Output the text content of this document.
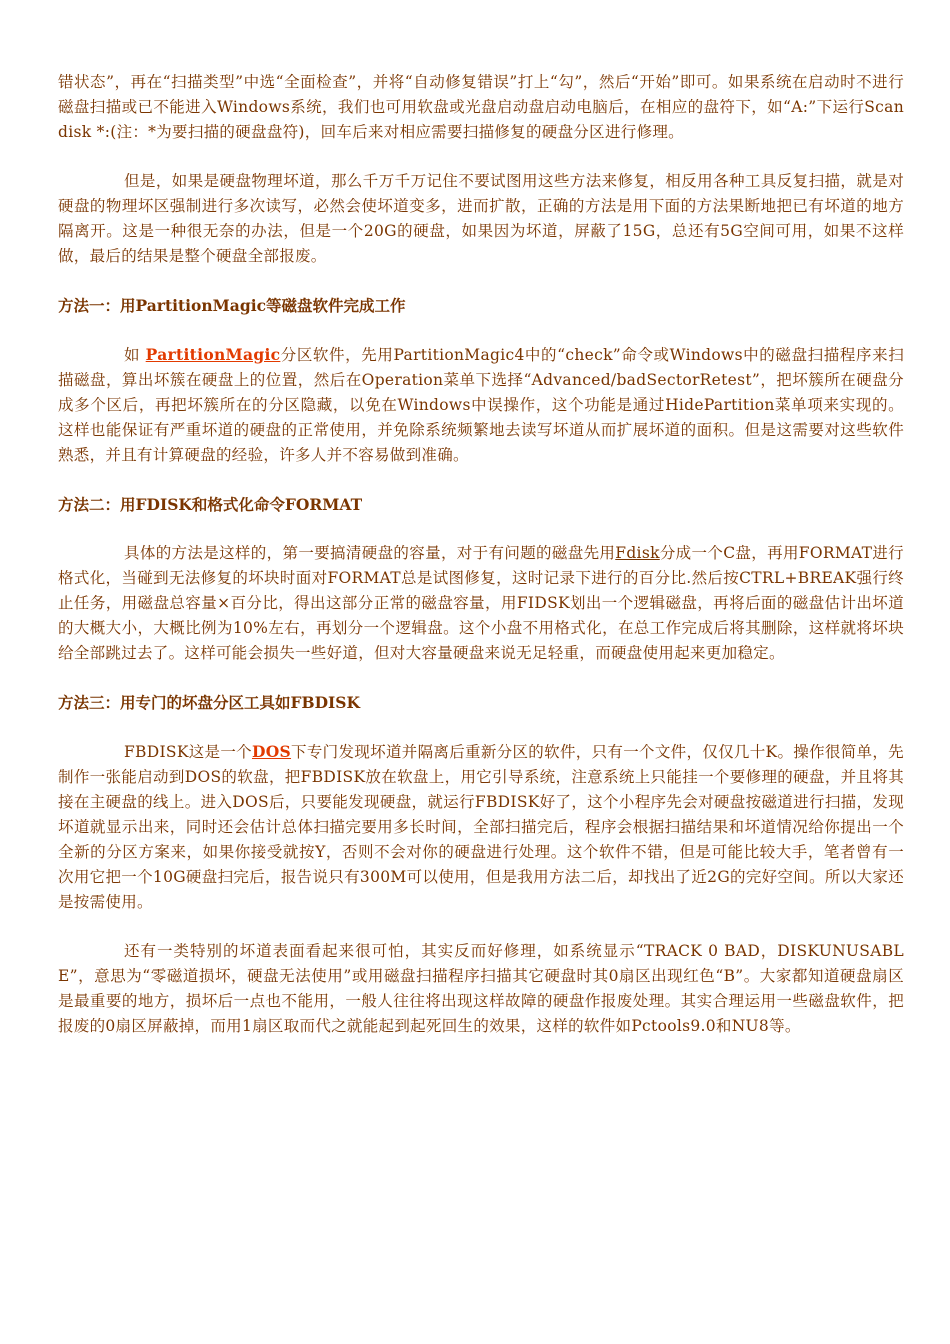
错状态”，再在“扫描类型”中选“全面检查”，并将“自动修复错误”打上“勾”，然后“开始”即可。如果系统在启动时不进行磁盘扫描或已不能进入Windows系统，我们也可用软盘或光盘启动盘启动电脑后，在相应的盘符下，如“A:”下运行Scandisk *:(注：*为要扫描的硬盘盘符)，回车后来对相应需要扫描修复的硬盘分区进行修理。

但是，如果是硬盘物理坏道，那么千万千万记住不要试图用这些方法来修复，相反用各种工具反复扫描，就是对硬盘的物理坏区强制进行多次读写，必然会使坏道变多，进而扩散，正确的方法是用下面的方法果断地把已有坏道的地方隔离开。这是一种很无奈的办法，但是一个20G的硬盘，如果因为坏道，屏蔽了15G，总还有5G空间可用，如果不这样做，最后的结果是整个硬盘全部报废。

方法一：用PartitionMagic等磁盘软件完成工作

如 PartitionMagic分区软件，先用PartitionMagic4中的“check”命令或Windows中的磁盘扫描程序来扫描磁盘，算出坏簇在硬盘上的位置，然后在Operation菜单下选择“Advanced/badSectorRetest”，把坏簇所在硬盘分成多个区后，再把坏簇所在的分区隐藏，以免在Windows中误操作，这个功能是通过HidePartition菜单项来实现的。这样也能保证有严重坏道的硬盘的正常使用，并免除系统频繁地去读写坏道从而扩展坏道的面积。但是这需要对这些软件熟悉，并且有计算硬盘的经验，许多人并不容易做到准确。

方法二：用FDISK和格式化命令FORMAT

具体的方法是这样的，第一要搞清硬盘的容量，对于有问题的磁盘先用Fdisk分成一个C盘，再用FORMAT进行格式化，当碰到无法修复的坏块时面对FORMAT总是试图修复，这时记录下进行的百分比.然后按CTRL+BREAK强行终止任务，用磁盘总容量×百分比，得出这部分正常的磁盘容量，用FIDSK划出一个逻辑磁盘，再将后面的磁盘估计出坏道的大概大小，大概比例为10%左右，再划分一个逻辑盘。这个小盘不用格式化，在总工作完成后将其删除，这样就将坏块给全部跳过去了。这样可能会损失一些好道，但对大容量硬盘来说无足轻重，而硬盘使用起来更加稳定。

方法三：用专门的坏盘分区工具如FBDISK

FBDISK这是一个DOS下专门发现坏道并隔离后重新分区的软件，只有一个文件，仅仅几十K。操作很简单，先制作一张能启动到DOS的软盘，把FBDISK放在软盘上，用它引导系统，注意系统上只能挂一个要修理的硬盘，并且将其接在主硬盘的线上。进入DOS后，只要能发现硬盘，就运行FBDISK好了，这个小程序先会对硬盘按磁道进行扫描，发现坏道就显示出来，同时还会估计总体扫描完要用多长时间，全部扫描完后，程序会根据扫描结果和坏道情况给你提出一个全新的分区方案来，如果你接受就按Y，否则不会对你的硬盘进行处理。这个软件不错，但是可能比较大手，笔者曾有一次用它把一个10G硬盘扫完后，报告说只有300M可以使用，但是我用方法二后，却找出了近2G的完好空间。所以大家还是按需使用。

还有一类特别的坏道表面看起来很可怕，其实反而好修理，如系统显示“TRACK 0 BAD，DISKUNUSABLE”，意思为“零磁道损坏，硬盘无法使用”或用磁盘扫描程序扫描其它硬盘时其0扇区出现红色“B”。大家都知道硬盘扇区是最重要的地方，损坏后一点也不能用，一般人往往将出现这样故障的硬盘作报废处理。其实合理运用一些磁盘软件，把报废的0扇区屏蔽掉，而用1扇区取而代之就能起到起死回生的效果，这样的软件如Pctools9.0和NU8等。
